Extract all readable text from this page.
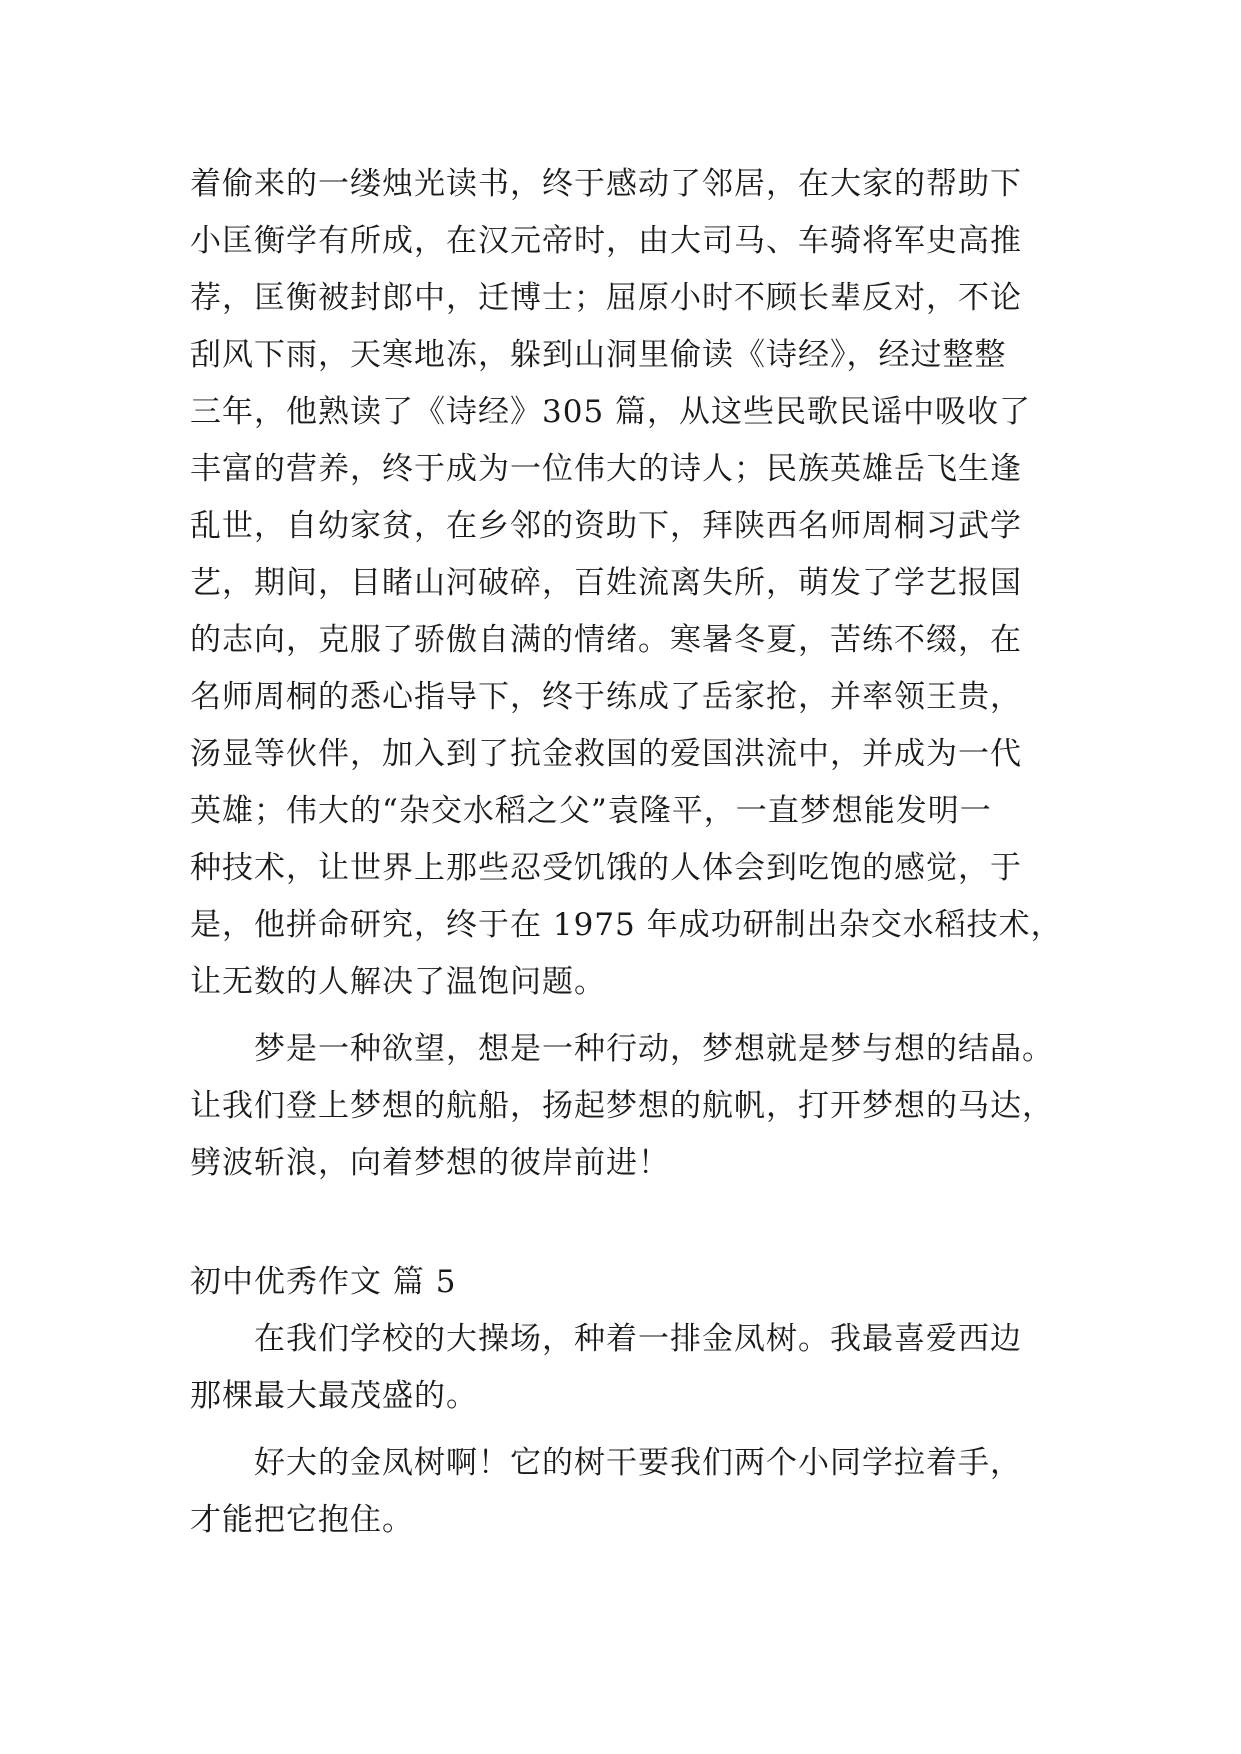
着偷来的一缕烛光读书，终于感动了邻居，在大家的帮助下
小匡衡学有所成，在汉元帝时，由大司马、车骑将军史高推
荐，匡衡被封郎中，迁博士；屈原小时不顾长辈反对，不论
刮风下雨，天寒地冻，躲到山洞里偷读《诗经》，经过整整
三年，他熟读了《诗经》305 篇，从这些民歌民谣中吸收了
丰富的营养，终于成为一位伟大的诗人；民族英雄岳飞生逢
乱世，自幼家贫，在乡邻的资助下，拜陕西名师周桐习武学
艺，期间，目睹山河破碎，百姓流离失所，萌发了学艺报国
的志向，克服了骄傲自满的情绪。寒暑冬夏，苦练不缀，在
名师周桐的悉心指导下，终于练成了岳家抢，并率领王贵，
汤显等伙伴，加入到了抗金救国的爱国洪流中，并成为一代
英雄；伟大的“杂交水稻之父”袁隆平，一直梦想能发明一
种技术，让世界上那些忍受饥饿的人体会到吃饱的感觉，于
是，他拼命研究，终于在 1975 年成功研制出杂交水稻技术，
让无数的人解决了温饱问题。
梦是一种欲望，想是一种行动，梦想就是梦与想的结晶。
让我们登上梦想的航船，扬起梦想的航帆，打开梦想的马达，
劈波斩浪，向着梦想的彼岸前进！
初中优秀作文 篇 5
在我们学校的大操场，种着一排金凤树。我最喜爱西边
那棵最大最茂盛的。
好大的金凤树啊！它的树干要我们两个小同学拉着手，
才能把它抱住。
